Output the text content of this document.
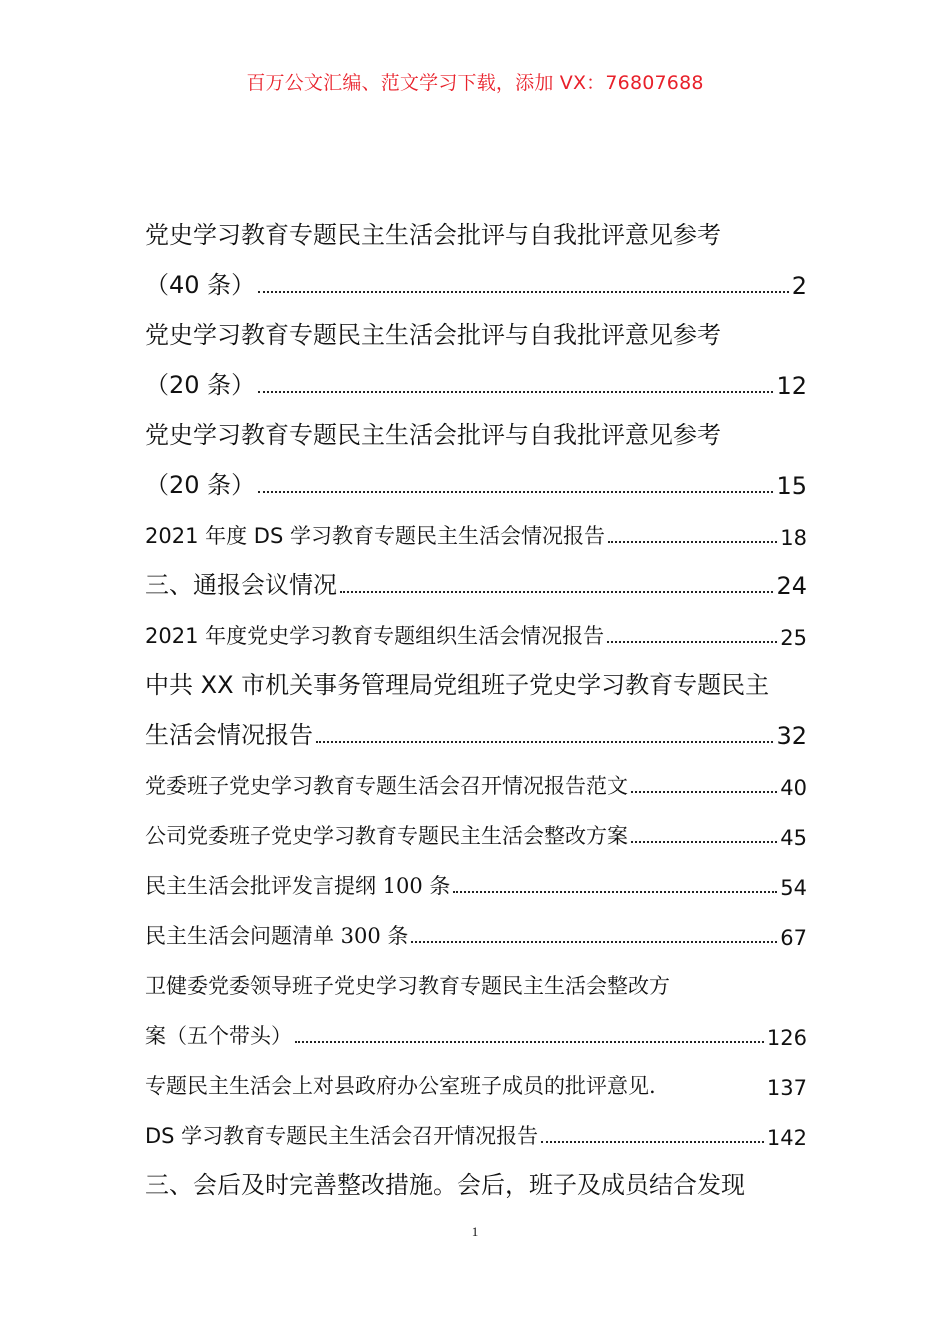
百万公文汇编、范文学习下载，添加 VX：76807688
党史学习教育专题民主生活会批评与自我批评意见参考
（40 条）	2
党史学习教育专题民主生活会批评与自我批评意见参考
（20 条）	12
党史学习教育专题民主生活会批评与自我批评意见参考
（20 条）	15
2021 年度 DS 学习教育专题民主生活会情况报告	18
三、通报会议情况	24
2021 年度党史学习教育专题组织生活会情况报告	25
中共 XX 市机关事务管理局党组班子党史学习教育专题民主
生活会情况报告	32
党委班子党史学习教育专题生活会召开情况报告范文	40
公司党委班子党史学习教育专题民主生活会整改方案	45
民主生活会批评发言提纲 100 条	54
民主生活会问题清单 300 条	67
卫健委党委领导班子党史学习教育专题民主生活会整改方
案（五个带头）	126
专题民主生活会上对县政府办公室班子成员的批评意见.	137
DS 学习教育专题民主生活会召开情况报告	142
三、会后及时完善整改措施。会后，班子及成员结合发现
1
